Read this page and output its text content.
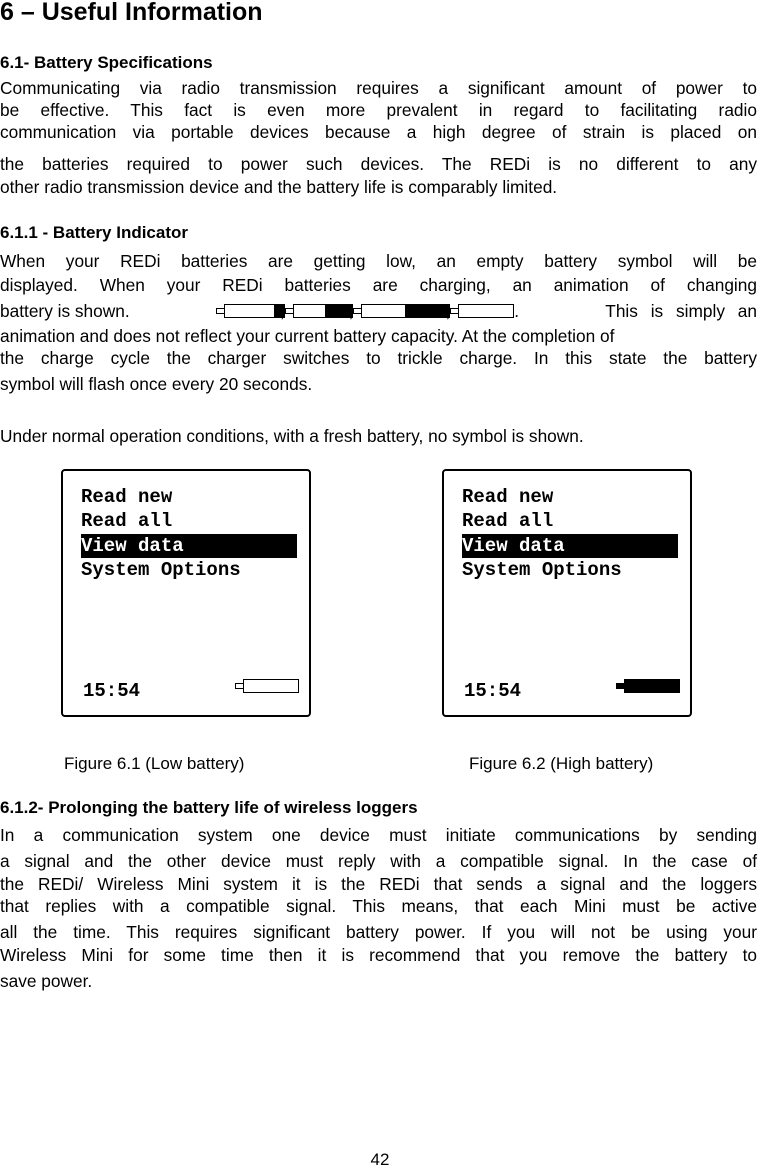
6 – Useful Information
6.1- Battery Specifications
Communicating via radio transmission requires a significant amount of power to
be effective. This fact is even more prevalent in regard to facilitating radio
communication via portable devices because a high degree of strain is placed on
the batteries required to power such devices. The REDi is no different to any
other radio transmission device and the battery life is comparably limited.
6.1.1 - Battery Indicator
When your REDi batteries are getting low, an empty battery symbol will be
displayed. When your REDi batteries are charging, an animation of changing
battery is shown.	.	This is simply an
animation and does not reflect your current battery capacity. At the completion of
the charge cycle the charger switches to trickle charge. In this state the battery
symbol will flash once every 20 seconds.
Under normal operation conditions, with a fresh battery, no symbol is shown.
Read new
Read all
View data
System Options
15:54
Read new
Read all
View data
System Options
15:54
Figure 6.1 (Low battery)	Figure 6.2 (High battery)
6.1.2- Prolonging the battery life of wireless loggers
In a communication system one device must initiate communications by sending
a signal and the other device must reply with a compatible signal. In the case of
the REDi/ Wireless Mini system it is the REDi that sends a signal and the loggers
that replies with a compatible signal. This means, that each Mini must be active
all the time. This requires significant battery power. If you will not be using your
Wireless Mini for some time then it is recommend that you remove the battery to
save power.
42
